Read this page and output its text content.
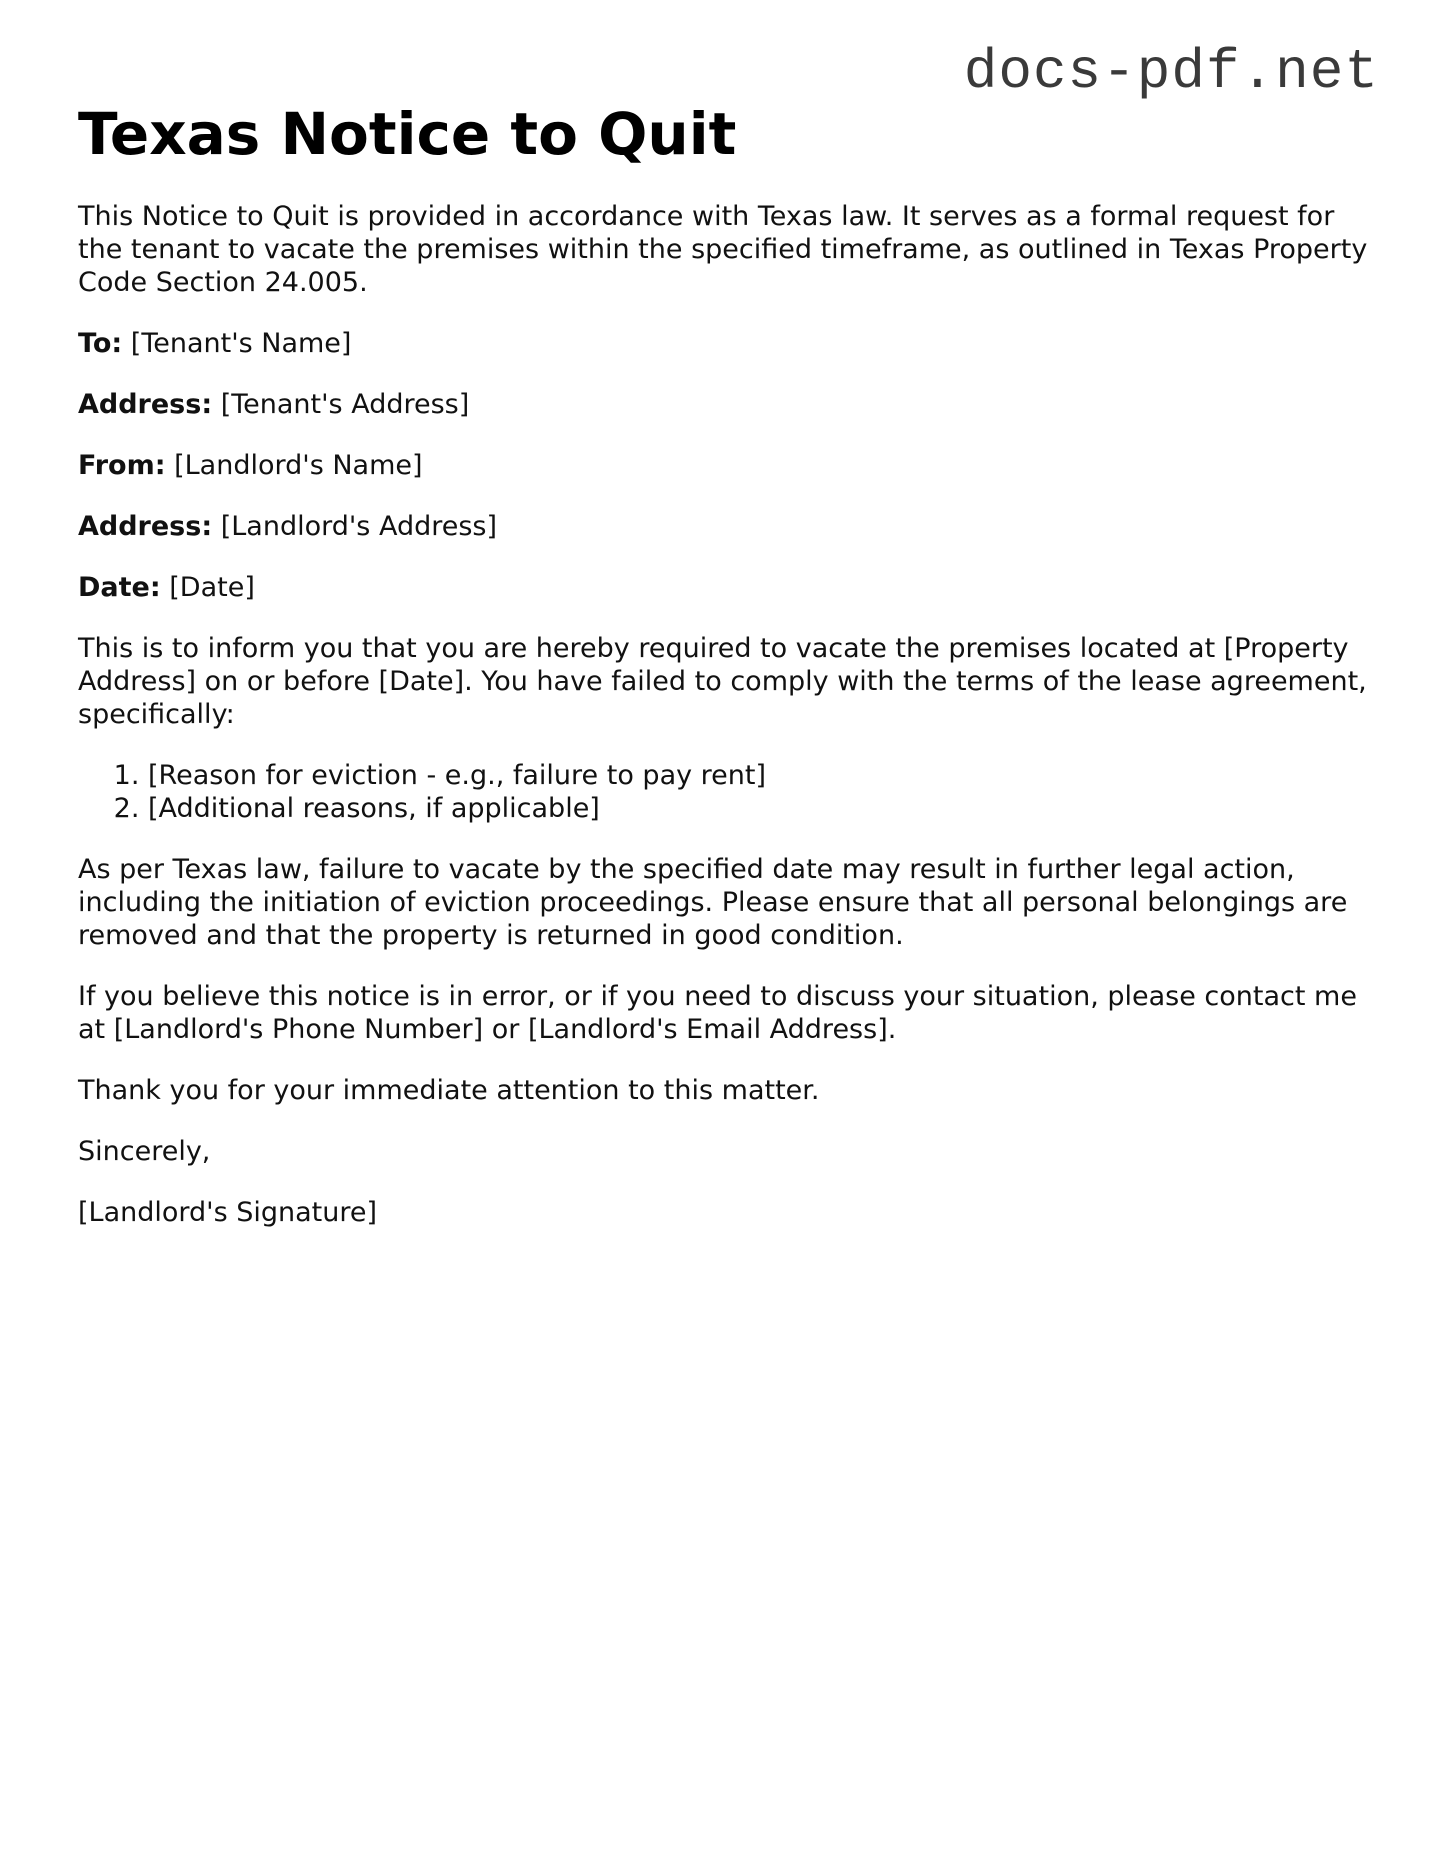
docs-pdf.net
Texas Notice to Quit

This Notice to Quit is provided in accordance with Texas law. It serves as a formal request for the tenant to vacate the premises within the specified timeframe, as outlined in Texas Property Code Section 24.005.

To: [Tenant's Name]

Address: [Tenant's Address]

From: [Landlord's Name]

Address: [Landlord's Address]

Date: [Date]

This is to inform you that you are hereby required to vacate the premises located at [Property Address] on or before [Date]. You have failed to comply with the terms of the lease agreement, specifically:

1. [Reason for eviction - e.g., failure to pay rent]
2. [Additional reasons, if applicable]

As per Texas law, failure to vacate by the specified date may result in further legal action, including the initiation of eviction proceedings. Please ensure that all personal belongings are removed and that the property is returned in good condition.

If you believe this notice is in error, or if you need to discuss your situation, please contact me at [Landlord's Phone Number] or [Landlord's Email Address].

Thank you for your immediate attention to this matter.

Sincerely,

[Landlord's Signature]
